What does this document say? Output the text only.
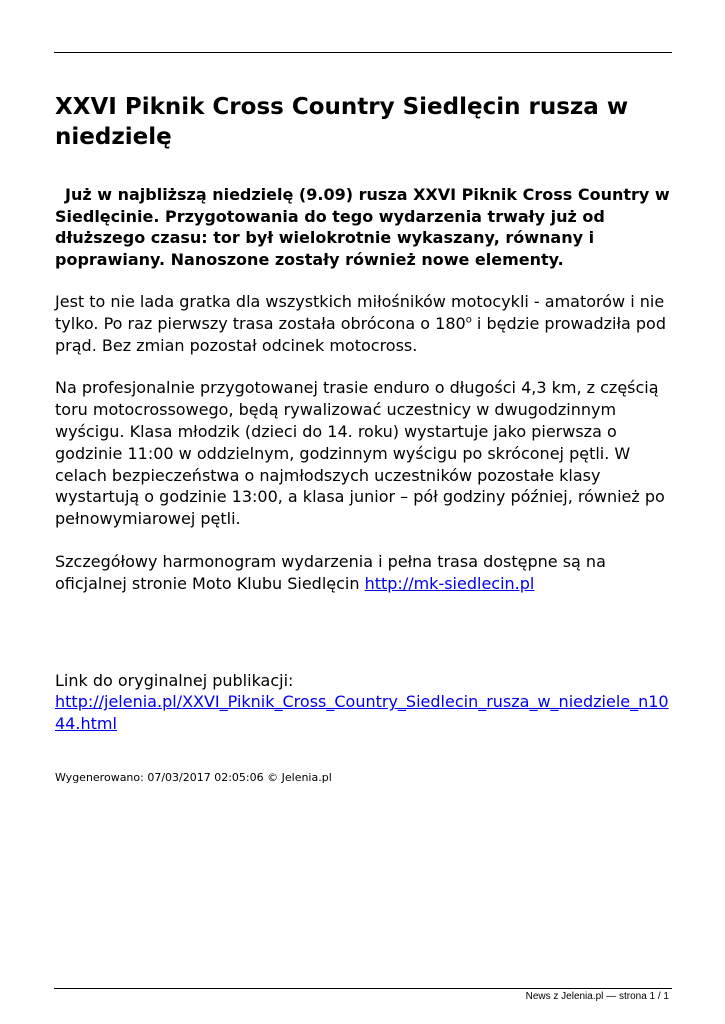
XXVI Piknik Cross Country Siedlęcin rusza w niedzielę

Już w najbliższą niedzielę (9.09) rusza XXVI Piknik Cross Country w Siedlęcinie. Przygotowania do tego wydarzenia trwały już od dłuższego czasu: tor był wielokrotnie wykaszany, równany i poprawiany. Nanoszone zostały również nowe elementy.

Jest to nie lada gratka dla wszystkich miłośników motocykli - amatorów i nie tylko. Po raz pierwszy trasa została obrócona o 180$^o$ i będzie prowadziła pod prąd. Bez zmian pozostał odcinek motocross.

Na profesjonalnie przygotowanej trasie enduro o długości 4,3 km, z częścią toru motocrossowego, będą rywalizować uczestnicy w dwugodzinnym wyścigu. Klasa młodzik (dzieci do 14. roku) wystartuje jako pierwsza o godzinie 11:00 w oddzielnym, godzinnym wyścigu po skróconej pętli. W celach bezpieczeństwa o najmłodszych uczestników pozostałe klasy wystartują o godzinie 13:00, a klasa junior – pół godziny później, również po pełnowymiarowej pętli.

Szczegółowy harmonogram wydarzenia i pełna trasa dostępne są na oficjalnej stronie Moto Klubu Siedlęcin http://mk-siedlecin.pl

Link do oryginalnej publikacji:
http://jelenia.pl/XXVI_Piknik_Cross_Country_Siedlecin_rusza_w_niedziele_n1044.html
Wygenerowano: 07/03/2017 02:05:06 © Jelenia.pl
News z Jelenia.pl — strona 1 / 1
